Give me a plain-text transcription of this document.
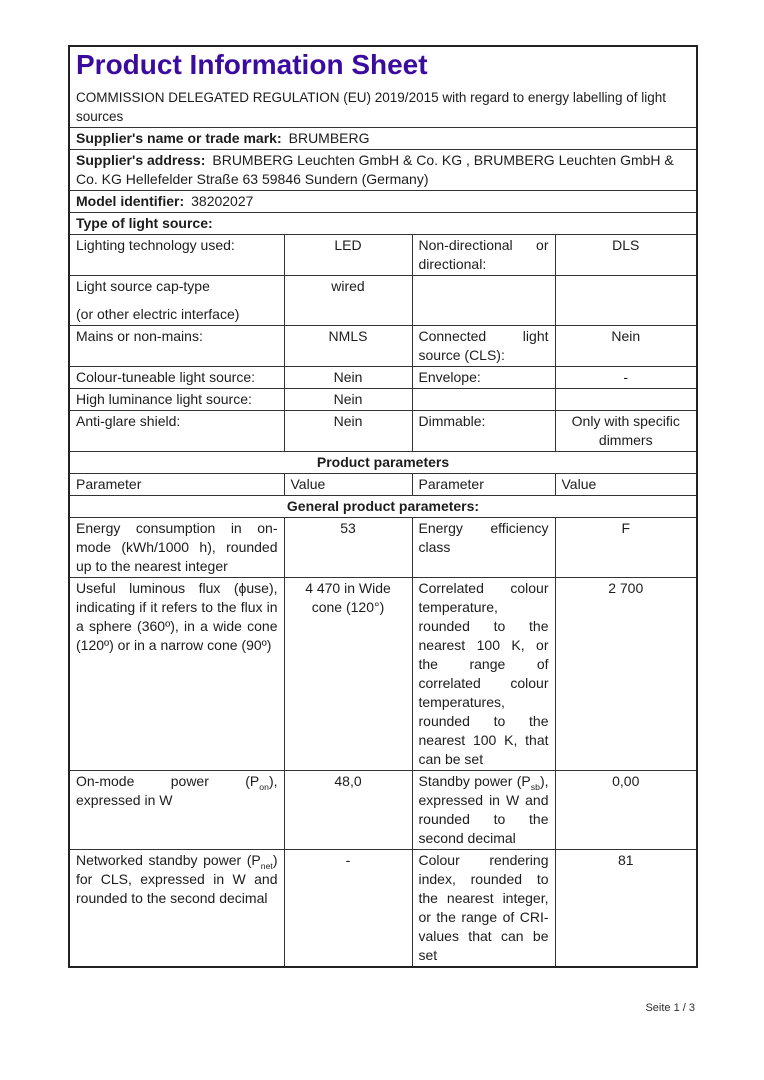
Product Information Sheet

COMMISSION DELEGATED REGULATION (EU) 2019/2015 with regard to energy labelling of light sources

Supplier's name or trade mark: BRUMBERG			
Supplier's address: BRUMBERG Leuchten GmbH & Co. KG , BRUMBERG Leuchten GmbH & Co. KG Hellefelder Straße 63 59846 Sundern (Germany)			
Model identifier: 38202027			
Type of light source:			
Lighting technology used:	LED	Non-directional or directional:	DLS

Light source cap-type
(or other electric interface)	wired		
Mains or non-mains:	NMLS	Connected light source (CLS):	Nein
Colour-tuneable light source:	Nein	Envelope:	-
High luminance light source:	Nein		
Anti-glare shield:	Nein	Dimmable:	Only with specific dimmers
Product parameters			
Parameter	Value	Parameter	Value
General product parameters:			
Energy consumption in on-mode (kWh/1000 h), rounded up to the nearest integer	53	Energy efficiency class	F
Useful luminous flux (ϕuse), indicating if it refers to the flux in a sphere (360º), in a wide cone (120º) or in a narrow cone (90º)	4 470 in Wide cone (120°)	Correlated colour temperature, rounded to the nearest 100 K, or the range of correlated colour temperatures, rounded to the nearest 100 K, that can be set	2 700
On-mode power $(P_{on})$, expressed in W	48,0	Standby power $(P_{sb})$, expressed in W and rounded to the second decimal	0,00
Networked standby power $(P_{net})$ for CLS, expressed in W and rounded to the second decimal	-	Colour rendering index, rounded to the nearest integer, or the range of CRI-values that can be set	81
Seite 1 / 3
